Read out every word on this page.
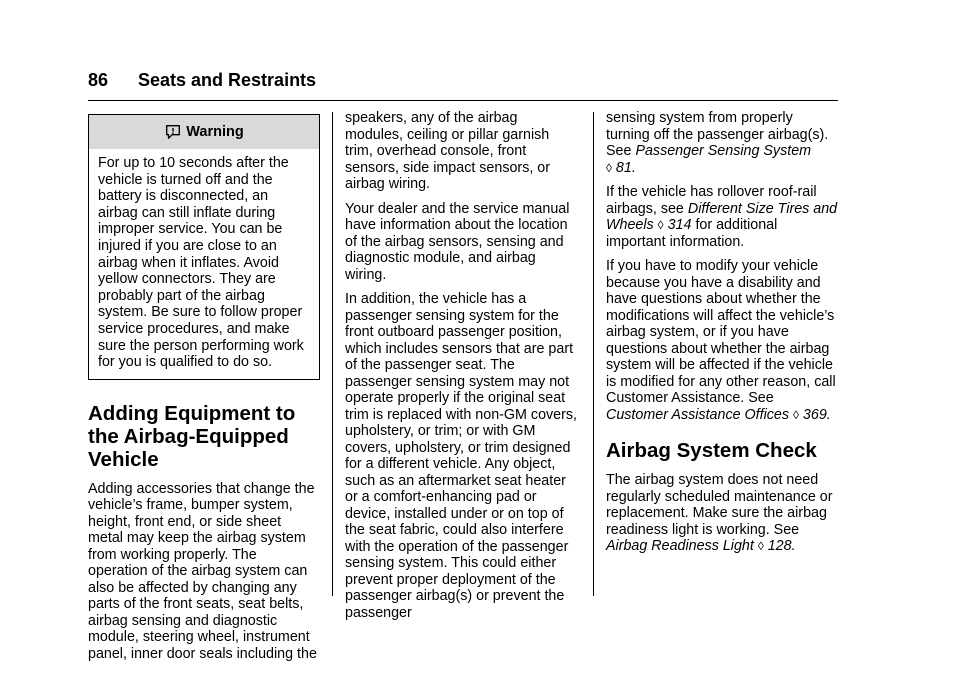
86 Seats and Restraints
Warning
For up to 10 seconds after the vehicle is turned off and the battery is disconnected, an airbag can still inflate during improper service. You can be injured if you are close to an airbag when it inflates. Avoid yellow connectors. They are probably part of the airbag system. Be sure to follow proper service procedures, and make sure the person performing work for you is qualified to do so.
Adding Equipment to the Airbag-Equipped Vehicle

Adding accessories that change the vehicle’s frame, bumper system, height, front end, or side sheet metal may keep the airbag system from working properly. The operation of the airbag system can also be affected by changing any parts of the front seats, seat belts, airbag sensing and diagnostic module, steering wheel, instrument panel, inner door seals including the

speakers, any of the airbag modules, ceiling or pillar garnish trim, overhead console, front sensors, side impact sensors, or airbag wiring.

Your dealer and the service manual have information about the location of the airbag sensors, sensing and diagnostic module, and airbag wiring.

In addition, the vehicle has a passenger sensing system for the front outboard passenger position, which includes sensors that are part of the passenger seat. The passenger sensing system may not operate properly if the original seat trim is replaced with non-GM covers, upholstery, or trim; or with GM covers, upholstery, or trim designed for a different vehicle. Any object, such as an aftermarket seat heater or a comfort-enhancing pad or device, installed under or on top of the seat fabric, could also interfere with the operation of the passenger sensing system. This could either prevent proper deployment of the passenger airbag(s) or prevent the passenger

sensing system from properly turning off the passenger airbag(s). See Passenger Sensing System
◊ 81.

If the vehicle has rollover roof-rail airbags, see Different Size Tires and Wheels ◊ 314 for additional important information.

If you have to modify your vehicle because you have a disability and have questions about whether the modifications will affect the vehicle’s airbag system, or if you have questions about whether the airbag system will be affected if the vehicle is modified for any other reason, call Customer Assistance. See Customer Assistance Offices ◊ 369.

Airbag System Check

The airbag system does not need regularly scheduled maintenance or replacement. Make sure the airbag readiness light is working. See Airbag Readiness Light ◊ 128.
